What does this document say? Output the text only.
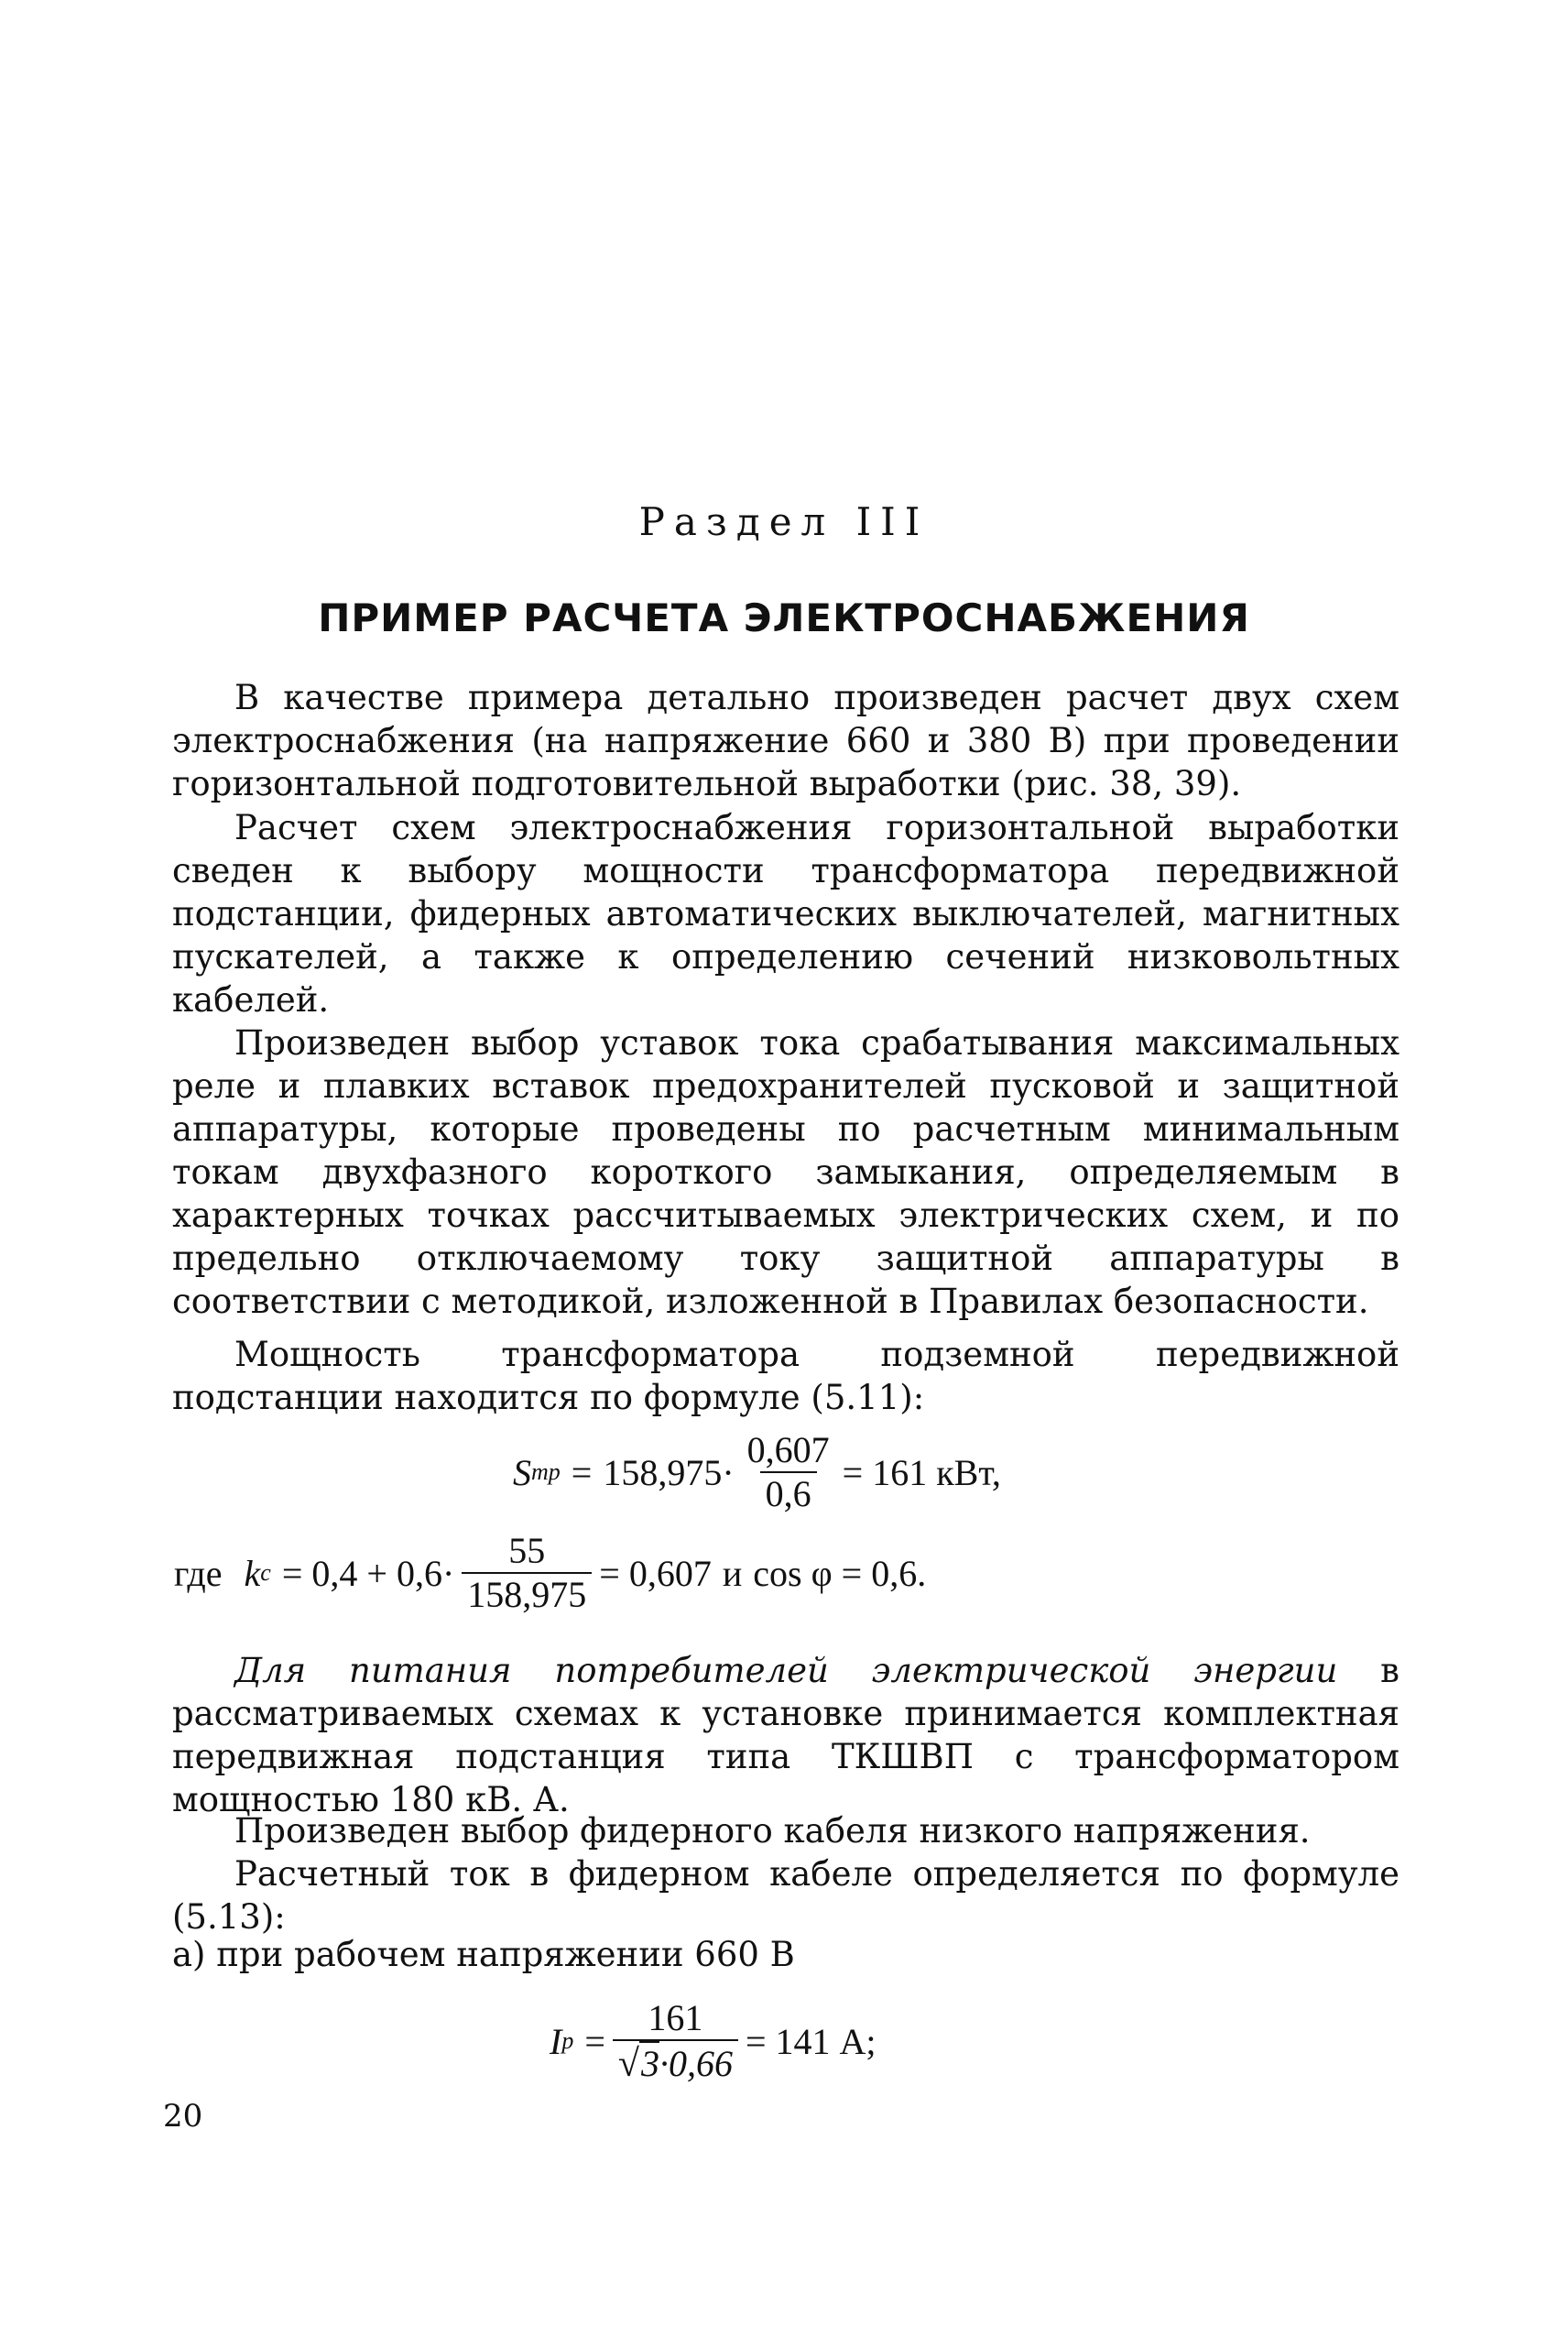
Раздел III
ПРИМЕР РАСЧЕТА ЭЛЕКТРОСНАБЖЕНИЯ

В качестве примера детально произведен расчет двух схем электроснабжения (на напряжение 660 и 380 В) при проведении горизонтальной подготовительной выработки (рис. 38, 39).

Расчет схем электроснабжения горизонтальной выработки сведен к выбору мощности трансформатора передвижной подстанции, фидерных автоматических выключателей, магнитных пускателей, а также к определению сечений низковольтных кабелей.

Произведен выбор уставок тока срабатывания максимальных реле и плавких вставок предохранителей пусковой и защитной аппаратуры, которые проведены по расчетным минимальным токам двухфазного короткого замыкания, определяемым в характерных точках рассчитываемых электрических схем, и по предельно отключаемому току защитной аппаратуры в соответствии с методикой, изложенной в Правилах безопасности.

Мощность трансформатора подземной передвижной подстанции находится по формуле (5.11):

S тр = $158,975\cdot \frac{0,607}{0,6} = 161$ кВт,
где k $c = 0,4 + 0,6\cdot \frac{55}{158,975} = 0,607$ и cos φ = 0,6.

Для питания потребителей электрической энергии в рассматриваемых схемах к установке принимается комплектная передвижная подстанция типа ТКШВП с трансформатором мощностью 180 кВ. А.

Произведен выбор фидерного кабеля низкого напряжения.

Расчетный ток в фидерном кабеле определяется по формуле (5.13):

а) при рабочем напряжении 660 В

I $р = \frac{161}{√ 3 \cdot 0,66} = 141$ А;
20
